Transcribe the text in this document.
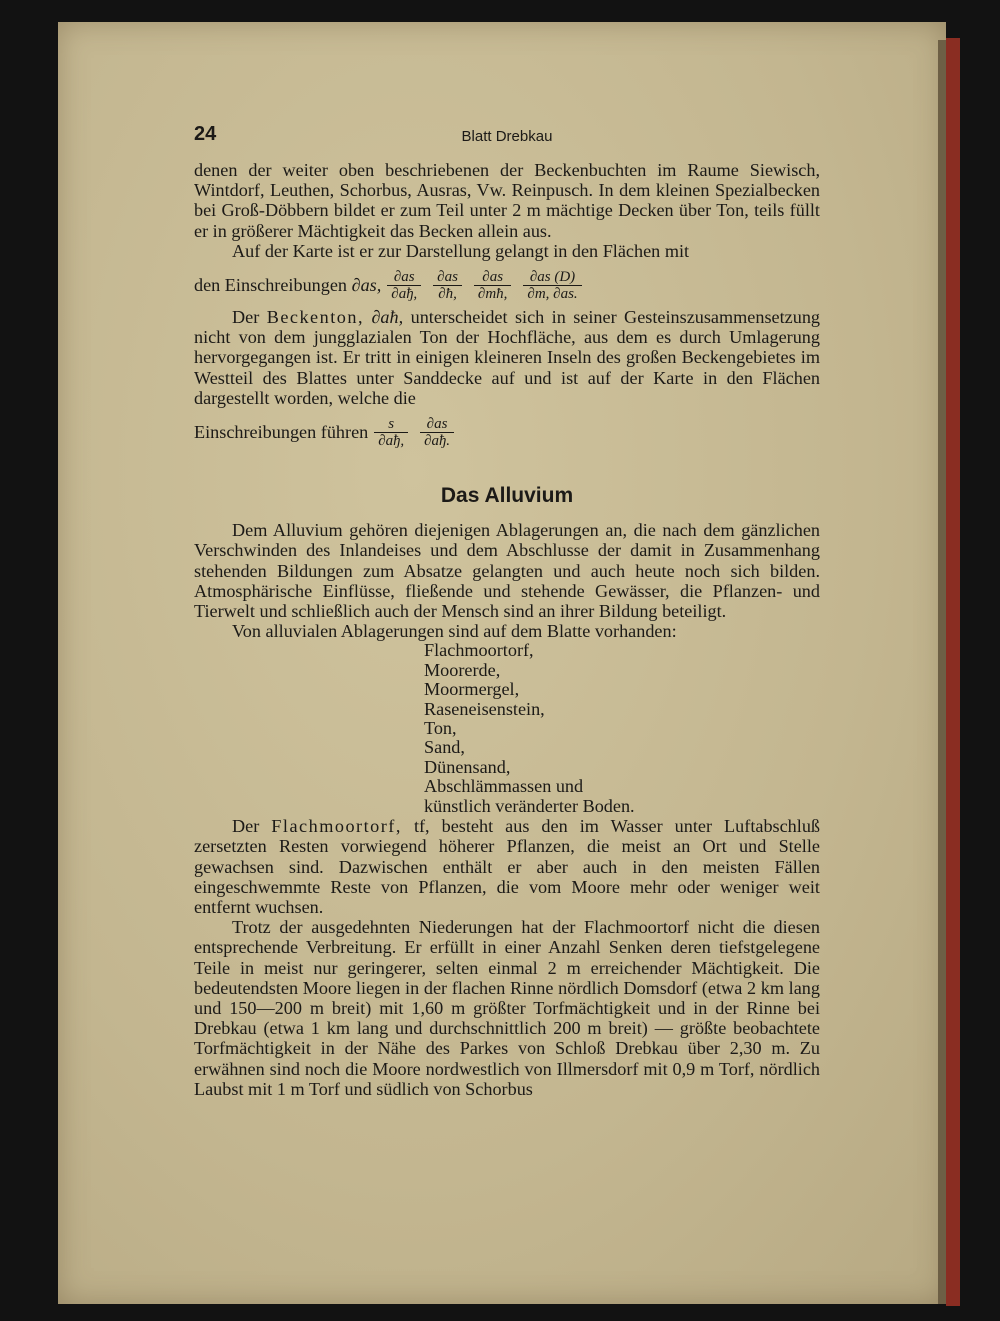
24	Blatt Drebkau

denen der weiter oben beschriebenen der Beckenbuchten im Raume Siewisch, Wintdorf, Leuthen, Schorbus, Ausras, Vw. Reinpusch. In dem kleinen Spezialbecken bei Groß-Döbbern bildet er zum Teil unter 2 m mächtige Decken über Ton, teils füllt er in größerer Mächtigkeit das Becken allein aus.

Auf der Karte ist er zur Darstellung gelangt in den Flächen mit

den Einschreibungen
∂as, $\frac{\partial as}{\partial aђ,} \frac{\partial as}{\partial ħ,} \frac{\partial as}{\partial mħ,} \frac{\partial as (D)}{\partial m, \partial as.}$

Der Beckenton, ∂aħ, unterscheidet sich in seiner Gesteinszusammensetzung nicht von dem jungglazialen Ton der Hochfläche, aus dem es durch Umlagerung hervorgegangen ist. Er tritt in einigen kleineren Inseln des großen Beckengebietes im Westteil des Blattes unter Sanddecke auf und ist auf der Karte in den Flächen dargestellt worden, welche die

Einschreibungen führen $\frac{s}{\partial aђ,} \frac{\partial as}{\partial aђ.}$
Das Alluvium

Dem Alluvium gehören diejenigen Ablagerungen an, die nach dem gänzlichen Verschwinden des Inlandeises und dem Abschlusse der damit in Zusammenhang stehenden Bildungen zum Absatze gelangten und auch heute noch sich bilden. Atmosphärische Einflüsse, fließende und stehende Gewässer, die Pflanzen- und Tierwelt und schließlich auch der Mensch sind an ihrer Bildung beteiligt.

Von alluvialen Ablagerungen sind auf dem Blatte vorhanden:

Flachmoortorf,
Moorerde,
Moormergel,
Raseneisenstein,
Ton,
Sand,
Dünensand,
Abschlämmassen und
künstlich veränderter Boden.

Der Flachmoortorf, tf, besteht aus den im Wasser unter Luftabschluß zersetzten Resten vorwiegend höherer Pflanzen, die meist an Ort und Stelle gewachsen sind. Dazwischen enthält er aber auch in den meisten Fällen eingeschwemmte Reste von Pflanzen, die vom Moore mehr oder weniger weit entfernt wuchsen.

Trotz der ausgedehnten Niederungen hat der Flachmoortorf nicht die diesen entsprechende Verbreitung. Er erfüllt in einer Anzahl Senken deren tiefstgelegene Teile in meist nur geringerer, selten einmal 2 m erreichender Mächtigkeit. Die bedeutendsten Moore liegen in der flachen Rinne nördlich Domsdorf (etwa 2 km lang und 150—200 m breit) mit 1,60 m größter Torfmächtigkeit und in der Rinne bei Drebkau (etwa 1 km lang und durchschnittlich 200 m breit) — größte beobachtete Torfmächtigkeit in der Nähe des Parkes von Schloß Drebkau über 2,30 m. Zu erwähnen sind noch die Moore nordwestlich von Illmersdorf mit 0,9 m Torf, nördlich Laubst mit 1 m Torf und südlich von Schorbus
